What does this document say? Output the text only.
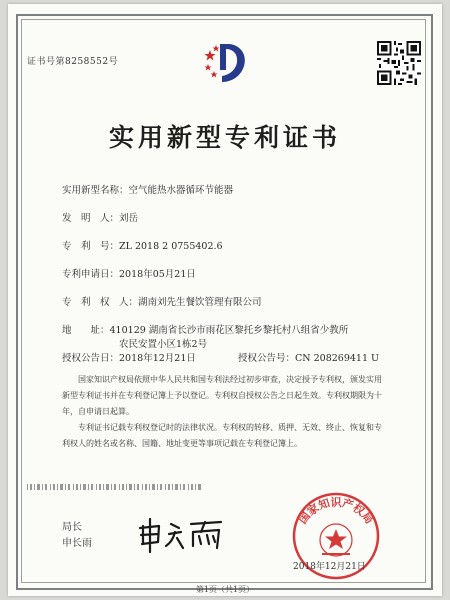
证书号第8258552号
实用新型专利证书
实用新型名称：空气能热水器循环节能器
发　明　人：刘岳
专　利　号：ZL 2018 2 0755402.6
专利申请日：2018年05月21日
专　利　权　人：湖南刘先生餐饮管理有限公司
地　　址：410129 湖南省长沙市雨花区黎托乡黎托村八组省少教所
农民安置小区1栋2号
授权公告日：2018年12月21日	授权公告号：CN 208269411 U
国家知识产权局依照中华人民共和国专利法经过初步审查，决定授予专利权，颁发实用
新型专利证书并在专利登记簿上予以登记。专利权自授权公告之日起生效。专利权期限为十
年，自申请日起算。
专利证书记载专利权登记时的法律状况。专利权的转移、质押、无效、终止、恢复和专
利权人的姓名或名称、国籍、地址变更等事项记载在专利登记簿上。
局长
申长雨
国家知识产权局
2018年12月21日
第1页（共1页）
